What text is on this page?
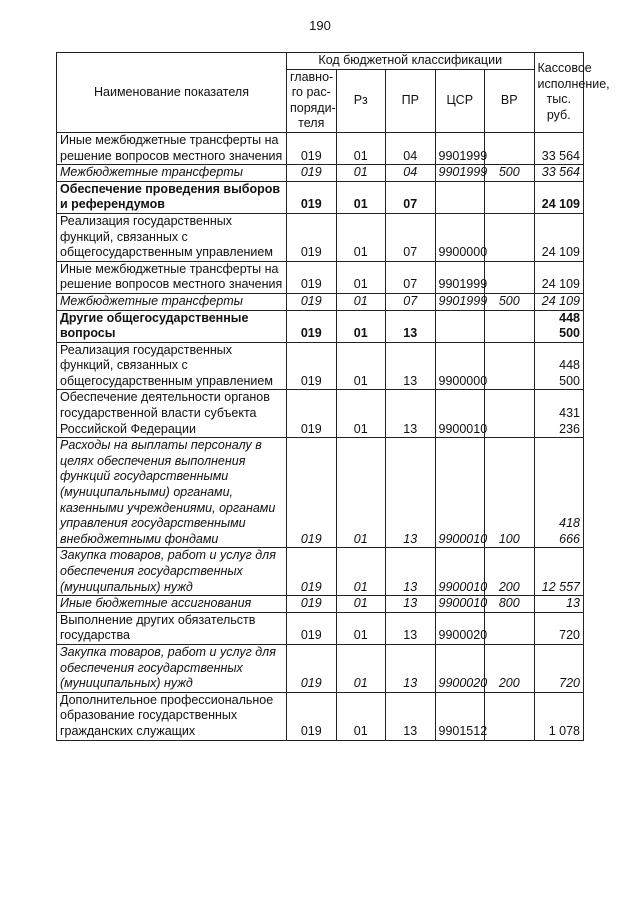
190
Наименование показателя	Код бюджетной классификации					Кассовое исполнение, тыс. руб.
	главно-го рас-поряди-теля	Рз	ПР	ЦСР	ВР	
Иные межбюджетные трансферты на решение вопросов местного значения	019	01	04	9901999		33 564
Межбюджетные трансферты	019	01	04	9901999	500	33 564
Обеспечение проведения выборов и референдумов	019	01	07			24 109
Реализация государственных функций, связанных с общегосударственным управлением	019	01	07	9900000		24 109
Иные межбюджетные трансферты на решение вопросов местного значения	019	01	07	9901999		24 109
Межбюджетные трансферты	019	01	07	9901999	500	24 109
Другие общегосударственные вопросы	019	01	13			448 500
Реализация государственных функций, связанных с общегосударственным управлением	019	01	13	9900000		448 500
Обеспечение деятельности органов государственной власти субъекта Российской Федерации	019	01	13	9900010		431 236
Расходы на выплаты персоналу в целях обеспечения выполнения функций государственными (муниципальными) органами, казенными учреждениями, органами управления государственными внебюджетными фондами	019	01	13	9900010	100	418 666
Закупка товаров, работ и услуг для обеспечения государственных (муниципальных) нужд	019	01	13	9900010	200	12 557
Иные бюджетные ассигнования	019	01	13	9900010	800	13
Выполнение других обязательств государства	019	01	13	9900020		720
Закупка товаров, работ и услуг для обеспечения государственных (муниципальных) нужд	019	01	13	9900020	200	720
Дополнительное профессиональное образование государственных гражданских служащих	019	01	13	9901512		1 078
